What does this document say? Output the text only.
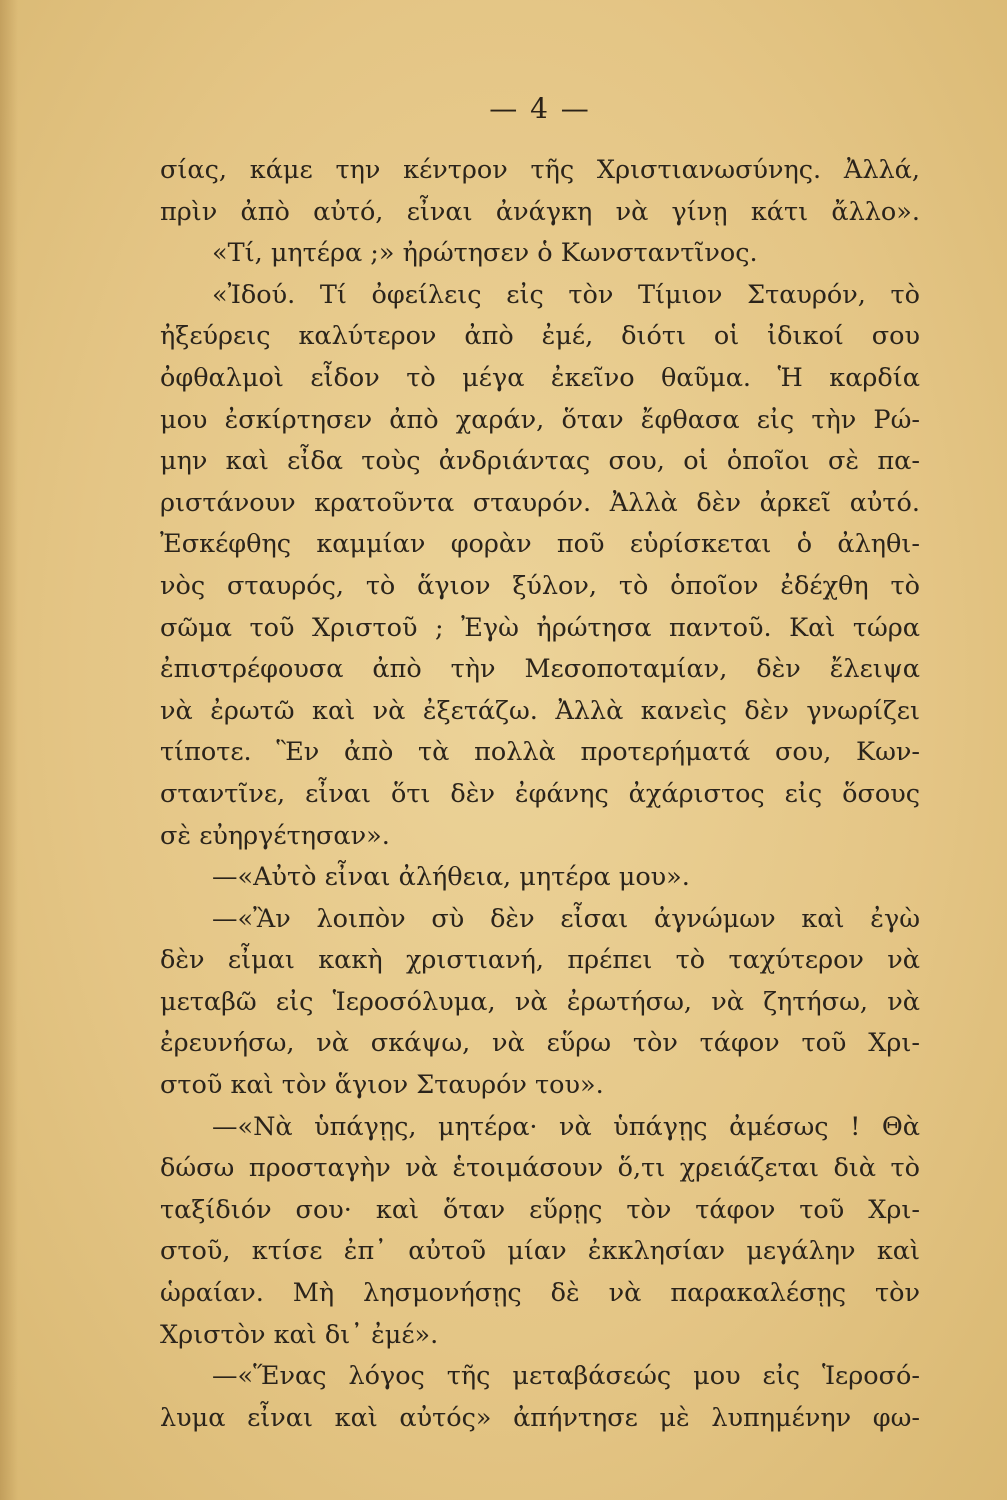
— 4 —
σίας, κάμε την κέντρον τῆς Χριστιανωσύνης. Ἀλλά,
πρὶν ἀπὸ αὐτό, εἶναι ἀνάγκη νὰ γίνῃ κάτι ἄλλο».
«Τί, μητέρα ;» ἠρώτησεν ὁ Κωνσταντῖνος.
«Ἰδού. Τί ὀφείλεις εἰς τὸν Τίμιον Σταυρόν, τὸ
ἠξεύρεις καλύτερον ἀπὸ ἐμέ, διότι οἱ ἰδικοί σου
ὀφθαλμοὶ εἶδον τὸ μέγα ἐκεῖνο θαῦμα. Ἡ καρδία
μου ἐσκίρτησεν ἀπὸ χαράν, ὅταν ἔφθασα εἰς τὴν Ρώ-
μην καὶ εἶδα τοὺς ἀνδριάντας σου, οἱ ὁποῖοι σὲ πα-
ριστάνουν κρατοῦντα σταυρόν. Ἀλλὰ δὲν ἀρκεῖ αὐτό.
Ἐσκέφθης καμμίαν φορὰν ποῦ εὑρίσκεται ὁ ἀληθι-
νὸς σταυρός, τὸ ἅγιον ξύλον, τὸ ὁποῖον ἐδέχθη τὸ
σῶμα τοῦ Χριστοῦ ; Ἐγὼ ἠρώτησα παντοῦ. Καὶ τώρα
ἐπιστρέφουσα ἀπὸ τὴν Μεσοποταμίαν, δὲν ἔλειψα
νὰ ἐρωτῶ καὶ νὰ ἐξετάζω. Ἀλλὰ κανεὶς δὲν γνωρίζει
τίποτε. Ἓν ἀπὸ τὰ πολλὰ προτερήματά σου, Κων-
σταντῖνε, εἶναι ὅτι δὲν ἐφάνης ἀχάριστος εἰς ὅσους
σὲ εὐηργέτησαν».
—«Αὐτὸ εἶναι ἀλήθεια, μητέρα μου».
—«Ἂν λοιπὸν σὺ δὲν εἶσαι ἀγνώμων καὶ ἐγὼ
δὲν εἶμαι κακὴ χριστιανή, πρέπει τὸ ταχύτερον νὰ
μεταβῶ εἰς Ἱεροσόλυμα, νὰ ἐρωτήσω, νὰ ζητήσω, νὰ
ἐρευνήσω, νὰ σκάψω, νὰ εὕρω τὸν τάφον τοῦ Χρι-
στοῦ καὶ τὸν ἅγιον Σταυρόν του».
—«Νὰ ὑπάγῃς, μητέρα· νὰ ὑπάγῃς ἀμέσως ! Θὰ
δώσω προσταγὴν νὰ ἑτοιμάσουν ὅ,τι χρειάζεται διὰ τὸ
ταξίδιόν σου· καὶ ὅταν εὕρῃς τὸν τάφον τοῦ Χρι-
στοῦ, κτίσε ἐπ᾽ αὐτοῦ μίαν ἐκκλησίαν μεγάλην καὶ
ὡραίαν. Μὴ λησμονήσῃς δὲ νὰ παρακαλέσῃς τὸν
Χριστὸν καὶ δι᾽ ἐμέ».
—«Ἕνας λόγος τῆς μεταβάσεώς μου εἰς Ἱεροσό-
λυμα εἶναι καὶ αὐτός» ἀπήντησε μὲ λυπημένην φω-
